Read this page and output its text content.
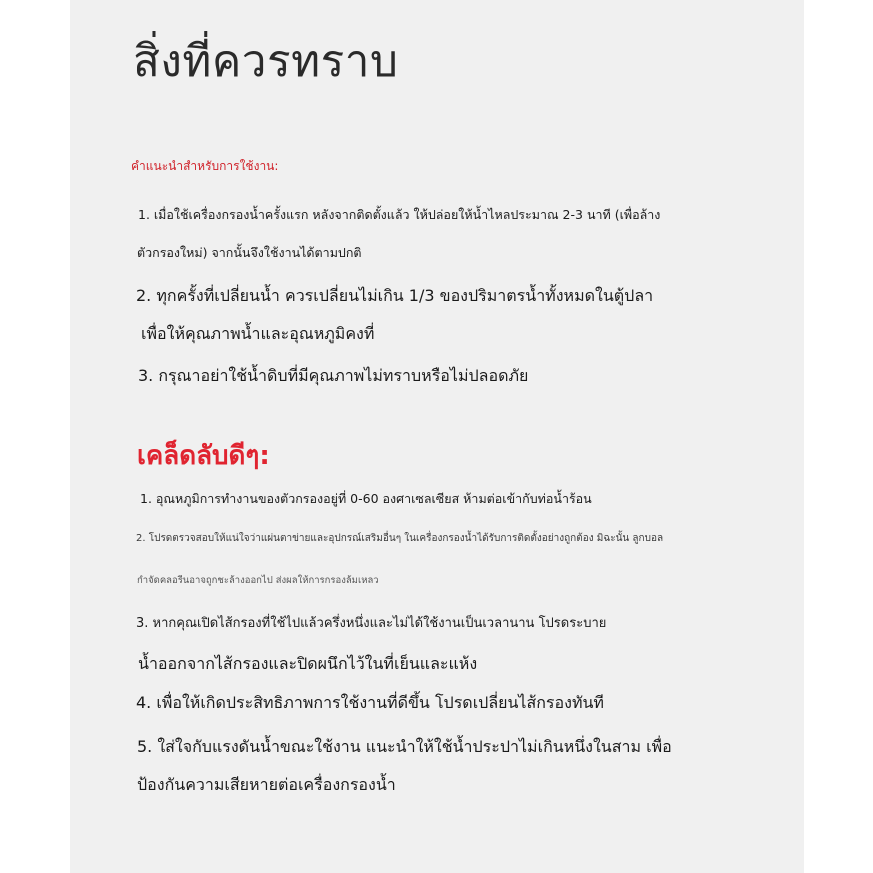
สิ่งที่ควรทราบ
คำแนะนำสำหรับการใช้งาน:
1. เมื่อใช้เครื่องกรองน้ำครั้งแรก หลังจากติดตั้งแล้ว ให้ปล่อยให้น้ำไหลประมาณ 2-3 นาที (เพื่อล้าง
ตัวกรองใหม่) จากนั้นจึงใช้งานได้ตามปกติ
2. ทุกครั้งที่เปลี่ยนน้ำ ควรเปลี่ยนไม่เกิน 1/3 ของปริมาตรน้ำทั้งหมดในตู้ปลา
เพื่อให้คุณภาพน้ำและอุณหภูมิคงที่
3. กรุณาอย่าใช้น้ำดิบที่มีคุณภาพไม่ทราบหรือไม่ปลอดภัย
เคล็ดลับดีๆ:
1. อุณหภูมิการทำงานของตัวกรองอยู่ที่ 0-60 องศาเซลเซียส ห้ามต่อเข้ากับท่อน้ำร้อน
2. โปรดตรวจสอบให้แน่ใจว่าแผ่นตาข่ายและอุปกรณ์เสริมอื่นๆ ในเครื่องกรองน้ำได้รับการติดตั้งอย่างถูกต้อง มิฉะนั้น ลูกบอล
กำจัดคลอรีนอาจถูกชะล้างออกไป ส่งผลให้การกรองล้มเหลว
3. หากคุณเปิดไส้กรองที่ใช้ไปแล้วครึ่งหนึ่งและไม่ได้ใช้งานเป็นเวลานาน โปรดระบาย
น้ำออกจากไส้กรองและปิดผนึกไว้ในที่เย็นและแห้ง
4. เพื่อให้เกิดประสิทธิภาพการใช้งานที่ดีขึ้น โปรดเปลี่ยนไส้กรองทันที
5. ใส่ใจกับแรงดันน้ำขณะใช้งาน แนะนำให้ใช้น้ำประปาไม่เกินหนึ่งในสาม เพื่อ
ป้องกันความเสียหายต่อเครื่องกรองน้ำ
